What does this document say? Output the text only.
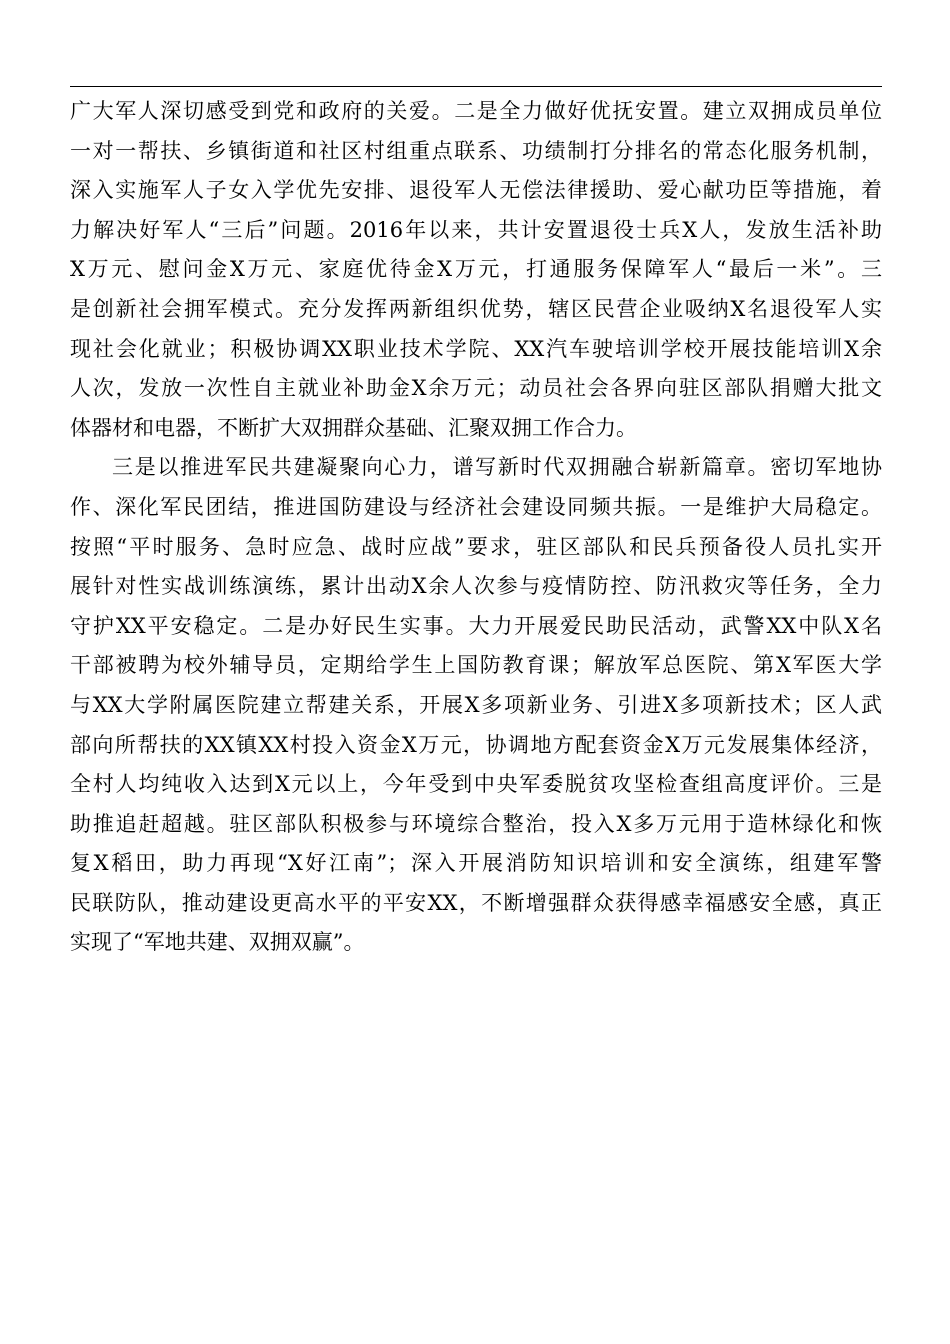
广大军人深切感受到党和政府的关爱。二是全力做好优抚安置。建立双拥成员单位
一对一帮扶、乡镇街道和社区村组重点联系、功绩制打分排名的常态化服务机制，
深入实施军人子女入学优先安排、退役军人无偿法律援助、爱心献功臣等措施，着
力解决好军人“三后”问题。2016年以来，共计安置退役士兵X人，发放生活补助
X万元、慰问金X万元、家庭优待金X万元，打通服务保障军人“最后一米”。三
是创新社会拥军模式。充分发挥两新组织优势，辖区民营企业吸纳X名退役军人实
现社会化就业；积极协调XX职业技术学院、XX汽车驶培训学校开展技能培训X余
人次，发放一次性自主就业补助金X余万元；动员社会各界向驻区部队捐赠大批文
体器材和电器，不断扩大双拥群众基础、汇聚双拥工作合力。
三是以推进军民共建凝聚向心力，谱写新时代双拥融合崭新篇章。密切军地协
作、深化军民团结，推进国防建设与经济社会建设同频共振。一是维护大局稳定。
按照“平时服务、急时应急、战时应战”要求，驻区部队和民兵预备役人员扎实开
展针对性实战训练演练，累计出动X余人次参与疫情防控、防汛救灾等任务，全力
守护XX平安稳定。二是办好民生实事。大力开展爱民助民活动，武警XX中队X名
干部被聘为校外辅导员，定期给学生上国防教育课；解放军总医院、第X军医大学
与XX大学附属医院建立帮建关系，开展X多项新业务、引进X多项新技术；区人武
部向所帮扶的XX镇XX村投入资金X万元，协调地方配套资金X万元发展集体经济，
全村人均纯收入达到X元以上，今年受到中央军委脱贫攻坚检查组高度评价。三是
助推追赶超越。驻区部队积极参与环境综合整治，投入X多万元用于造林绿化和恢
复X稻田，助力再现“X好江南”；深入开展消防知识培训和安全演练，组建军警
民联防队，推动建设更高水平的平安XX，不断增强群众获得感幸福感安全感，真正
实现了“军地共建、双拥双赢”。
